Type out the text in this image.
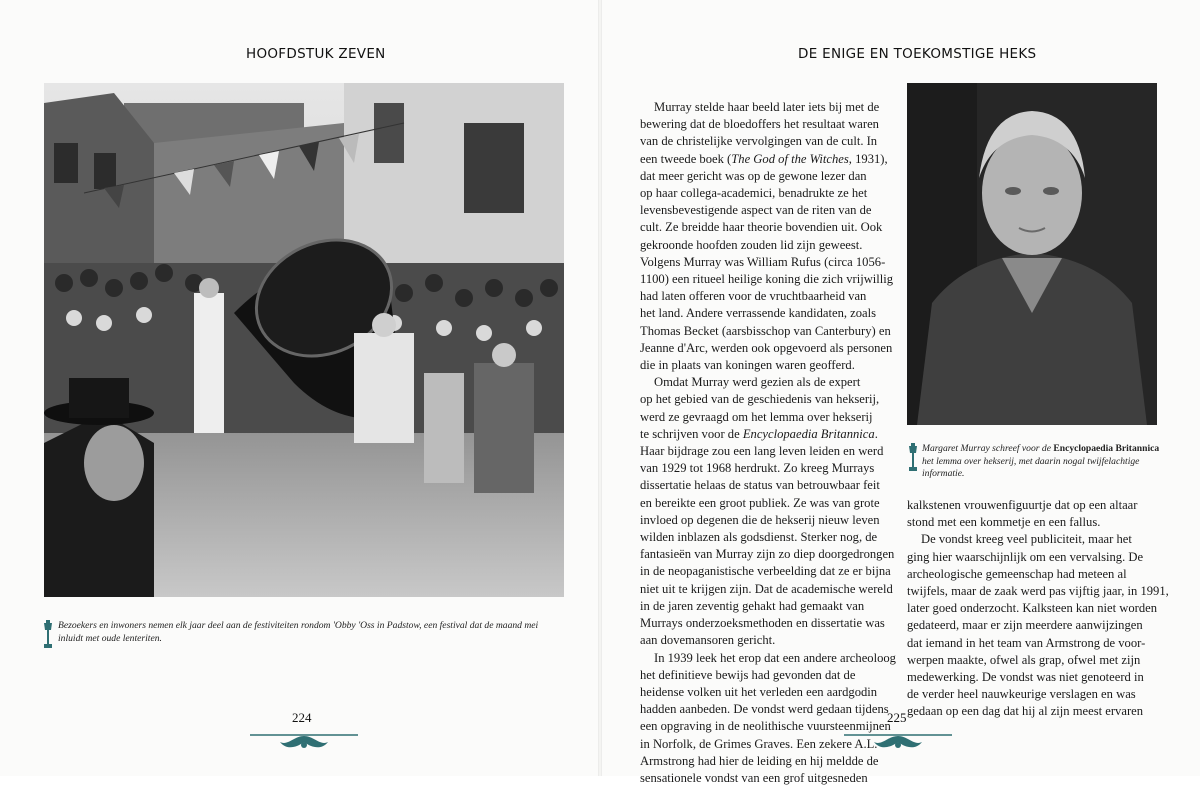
HOOFDSTUK ZEVEN	DE ENIGE EN TOEKOMSTIGE HEKS
Bezoekers en inwoners nemen elk jaar deel aan de festiviteiten rondom 'Obby 'Oss in Padstow, een festival dat de maand mei inluidt met oude lenteriten.
Margaret Murray schreef voor de Encyclopaedia Britannica het lemma over hekserij, met daarin nogal twijfelachtige informatie.
Murray stelde haar beeld later iets bij met de
bewering dat de bloedoffers het resultaat waren
van de christelijke vervolgingen van de cult. In
een tweede boek (The God of the Witches, 1931),
dat meer gericht was op de gewone lezer dan
op haar collega-academici, benadrukte ze het
levensbevestigende aspect van de riten van de
cult. Ze breidde haar theorie bovendien uit. Ook
gekroonde hoofden zouden lid zijn geweest.
Volgens Murray was William Rufus (circa 1056-
1100) een ritueel heilige koning die zich vrijwillig
had laten offeren voor de vruchtbaarheid van
het land. Andere verrassende kandidaten, zoals
Thomas Becket (aarsbisschop van Canterbury) en
Jeanne d'Arc, werden ook opgevoerd als personen
die in plaats van koningen waren geofferd.
Omdat Murray werd gezien als de expert
op het gebied van de geschiedenis van hekserij,
werd ze gevraagd om het lemma over hekserij
te schrijven voor de Encyclopaedia Britannica.
Haar bijdrage zou een lang leven leiden en werd
van 1929 tot 1968 herdrukt. Zo kreeg Murrays
dissertatie helaas de status van betrouwbaar feit
en bereikte een groot publiek. Ze was van grote
invloed op degenen die de hekserij nieuw leven
wilden inblazen als godsdienst. Sterker nog, de
fantasieën van Murray zijn zo diep doorgedrongen
in de neopaganistische verbeelding dat ze er bijna
niet uit te krijgen zijn. Dat de academische wereld
in de jaren zeventig gehakt had gemaakt van
Murrays onderzoeksmethoden en dissertatie was
aan dovemansoren gericht.
In 1939 leek het erop dat een andere archeoloog
het definitieve bewijs had gevonden dat de
heidense volken uit het verleden een aardgodin
hadden aanbeden. De vondst werd gedaan tijdens
een opgraving in de neolithische vuursteenmijnen
in Norfolk, de Grimes Graves. Een zekere A.L.
Armstrong had hier de leiding en hij meldde de
sensationele vondst van een grof uitgesneden
kalkstenen vrouwenfiguurtje dat op een altaar
stond met een kommetje en een fallus.
De vondst kreeg veel publiciteit, maar het
ging hier waarschijnlijk om een vervalsing. De
archeologische gemeenschap had meteen al
twijfels, maar de zaak werd pas vijftig jaar, in 1991,
later goed onderzocht. Kalksteen kan niet worden
gedateerd, maar er zijn meerdere aanwijzingen
dat iemand in het team van Armstrong de voor-
werpen maakte, ofwel als grap, ofwel met zijn
medewerking. De vondst was niet genoteerd in
de verder heel nauwkeurige verslagen en was
gedaan op een dag dat hij al zijn meest ervaren
224	225
